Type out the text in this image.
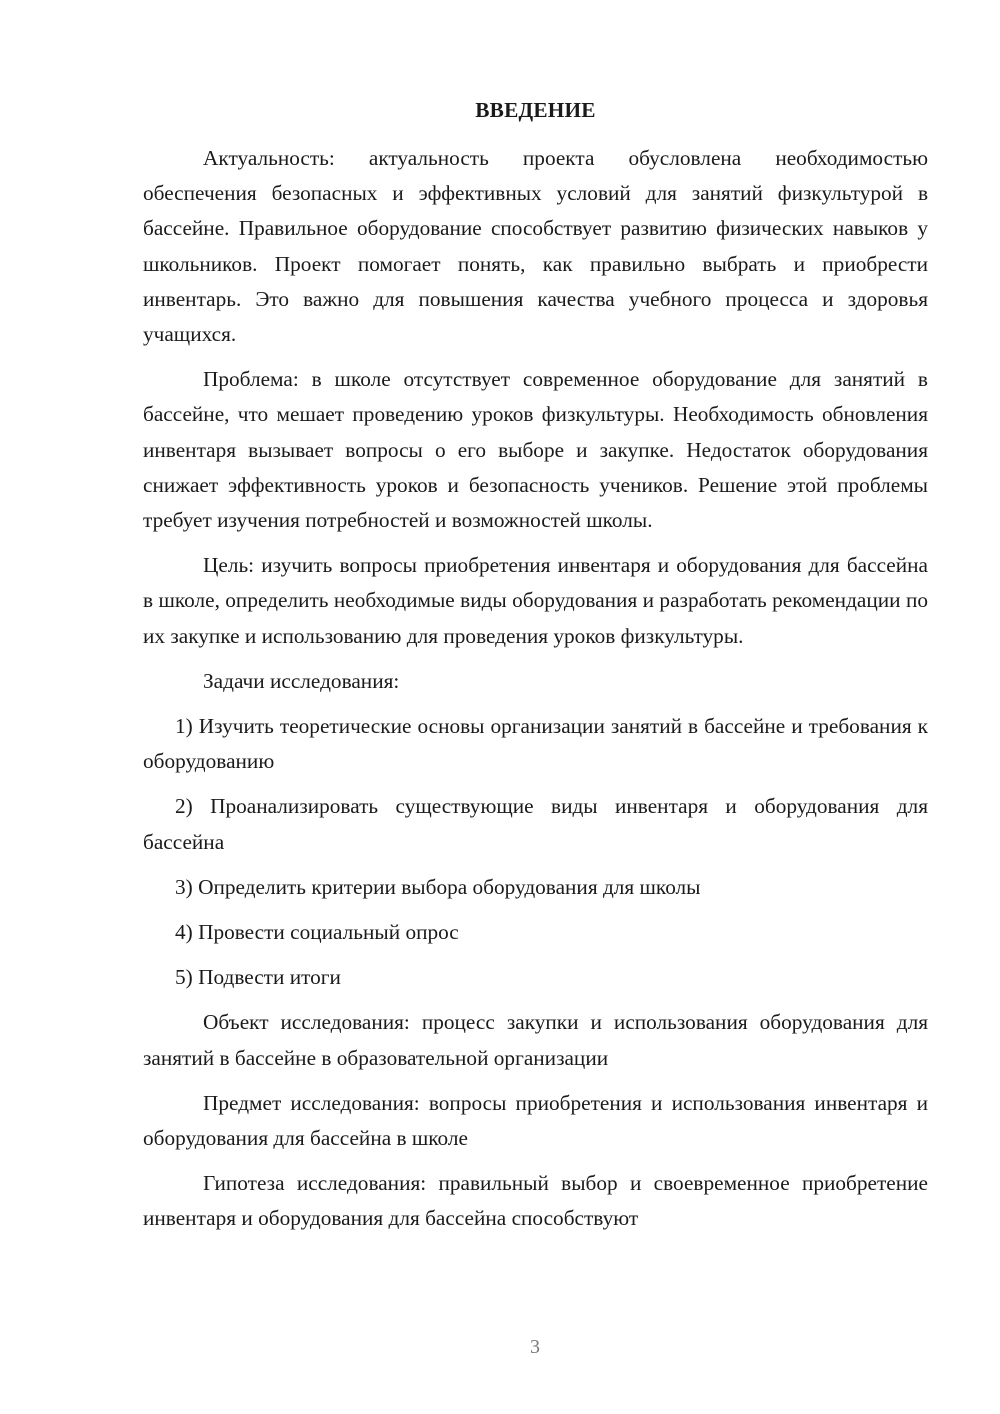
ВВЕДЕНИЕ

Актуальность: актуальность проекта обусловлена необходимостью обеспечения безопасных и эффективных условий для занятий физкультурой в бассейне. Правильное оборудование способствует развитию физических навыков у школьников. Проект помогает понять, как правильно выбрать и приобрести инвентарь. Это важно для повышения качества учебного процесса и здоровья учащихся.

Проблема: в школе отсутствует современное оборудование для занятий в бассейне, что мешает проведению уроков физкультуры. Необходимость обновления инвентаря вызывает вопросы о его выборе и закупке. Недостаток оборудования снижает эффективность уроков и безопасность учеников. Решение этой проблемы требует изучения потребностей и возможностей школы.

Цель: изучить вопросы приобретения инвентаря и оборудования для бассейна в школе, определить необходимые виды оборудования и разработать рекомендации по их закупке и использованию для проведения уроков физкультуры.

Задачи исследования:

1) Изучить теоретические основы организации занятий в бассейне и требования к оборудованию

2) Проанализировать существующие виды инвентаря и оборудования для бассейна

3) Определить критерии выбора оборудования для школы

4) Провести социальный опрос

5) Подвести итоги

Объект исследования: процесс закупки и использования оборудования для занятий в бассейне в образовательной организации

Предмет исследования: вопросы приобретения и использования инвентаря и оборудования для бассейна в школе

Гипотеза исследования: правильный выбор и своевременное приобретение инвентаря и оборудования для бассейна способствуют

3
